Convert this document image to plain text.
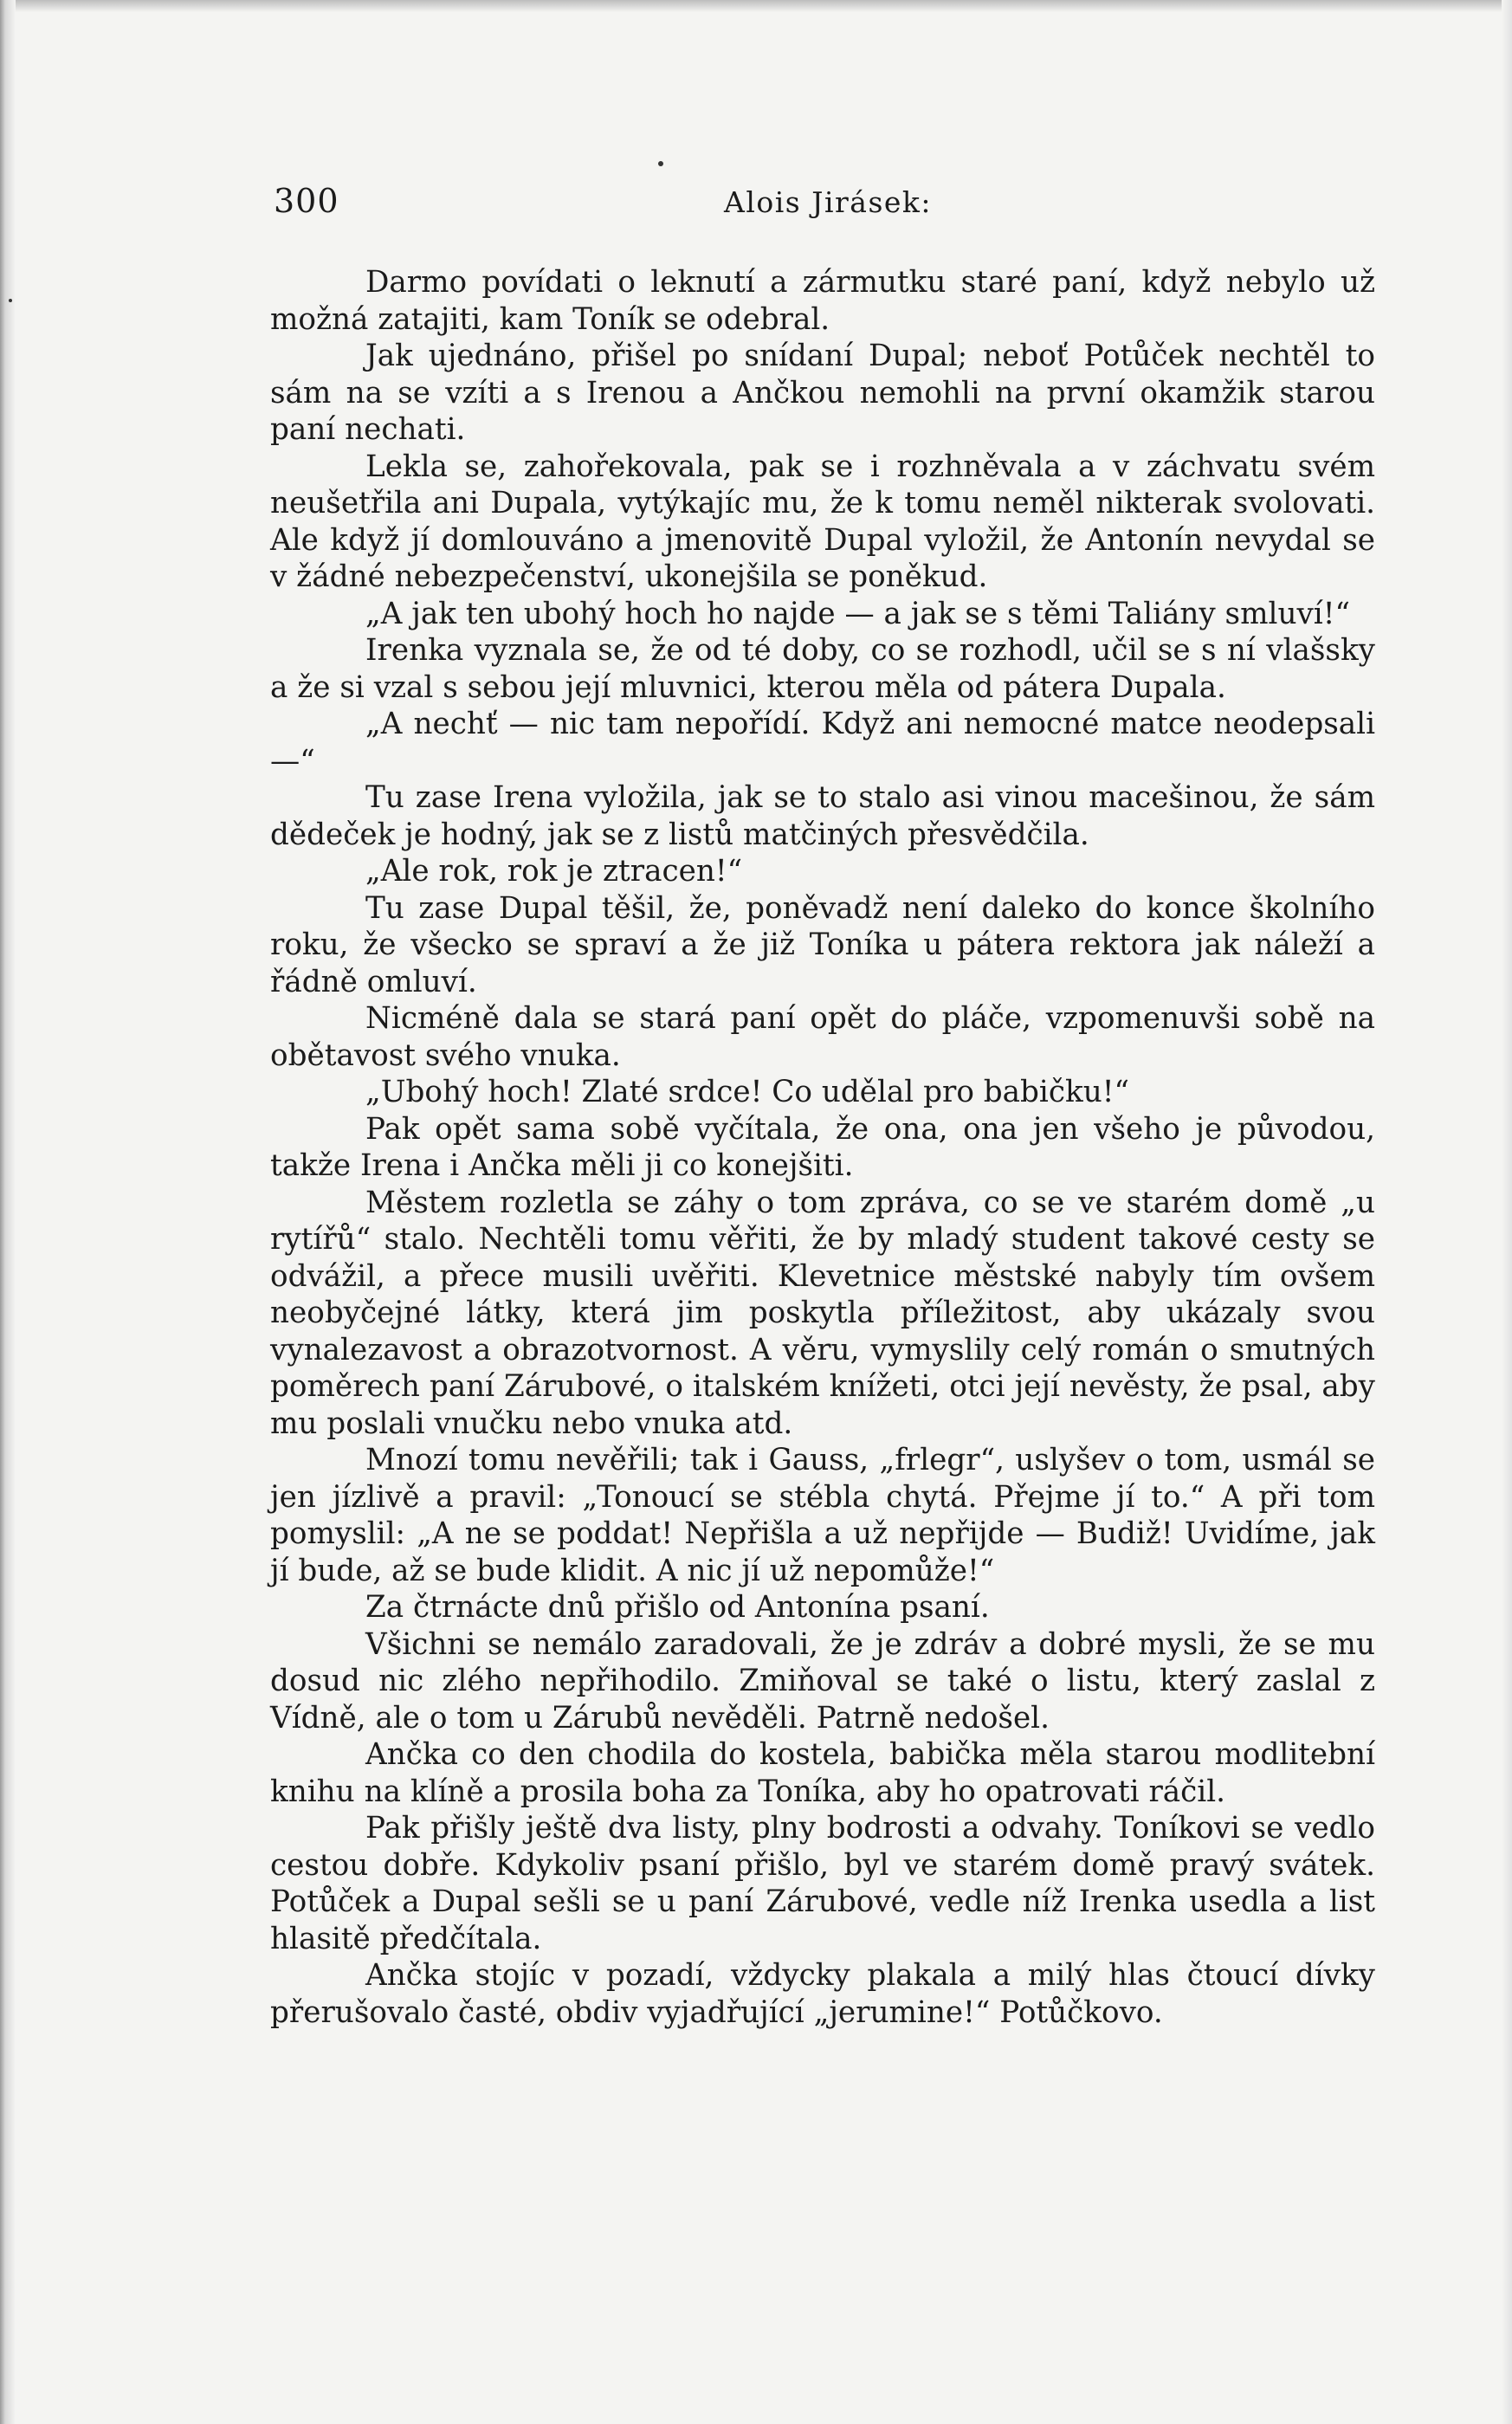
300	Alois Jirásek:

Darmo povídati o leknutí a zármutku staré paní, když nebylo už možná zatajiti, kam Toník se odebral.

Jak ujednáno, přišel po snídaní Dupal; neboť Potůček nechtěl to sám na se vzíti a s Irenou a Ančkou nemohli na první okamžik starou paní nechati.

Lekla se, zahořekovala, pak se i rozhněvala a v záchvatu svém neušetřila ani Dupala, vytýkajíc mu, že k tomu neměl nikterak svolovati. Ale když jí domlouváno a jmenovitě Dupal vyložil, že Antonín nevydal se v žádné nebezpečenství, ukonejšila se poněkud.

„A jak ten ubohý hoch ho najde — a jak se s těmi Taliány smluví!“

Irenka vyznala se, že od té doby, co se rozhodl, učil se s ní vlašsky a že si vzal s sebou její mluvnici, kterou měla od pátera Dupala.

„A nechť — nic tam nepořídí. Když ani nemocné matce neodepsali —“

Tu zase Irena vyložila, jak se to stalo asi vinou macešinou, že sám dědeček je hodný, jak se z listů matčiných přesvědčila.

„Ale rok, rok je ztracen!“

Tu zase Dupal těšil, že, poněvadž není daleko do konce školního roku, že všecko se spraví a že již Toníka u pátera rektora jak náleží a řádně omluví.

Nicméně dala se stará paní opět do pláče, vzpomenuvši sobě na obětavost svého vnuka.

„Ubohý hoch! Zlaté srdce! Co udělal pro babičku!“

Pak opět sama sobě vyčítala, že ona, ona jen všeho je původou, takže Irena i Ančka měli ji co konejšiti.

Městem rozletla se záhy o tom zpráva, co se ve starém domě „u rytířů“ stalo. Nechtěli tomu věřiti, že by mladý student takové cesty se odvážil, a přece musili uvěřiti. Klevetnice městské nabyly tím ovšem neobyčejné látky, která jim poskytla příležitost, aby ukázaly svou vynalezavost a obrazotvornost. A věru, vymyslily celý román o smutných poměrech paní Zárubové, o italském knížeti, otci její nevěsty, že psal, aby mu poslali vnučku nebo vnuka atd.

Mnozí tomu nevěřili; tak i Gauss, „frlegr“, uslyšev o tom, usmál se jen jízlivě a pravil: „Tonoucí se stébla chytá. Přejme jí to.“ A při tom pomyslil: „A ne se poddat! Nepřišla a už nepřijde — Budiž! Uvidíme, jak jí bude, až se bude klidit. A nic jí už nepomůže!“

Za čtrnácte dnů přišlo od Antonína psaní.

Všichni se nemálo zaradovali, že je zdráv a dobré mysli, že se mu dosud nic zlého nepřihodilo. Zmiňoval se také o listu, který zaslal z Vídně, ale o tom u Zárubů nevěděli. Patrně nedošel.

Ančka co den chodila do kostela, babička měla starou modlitební knihu na klíně a prosila boha za Toníka, aby ho opatrovati ráčil.

Pak přišly ještě dva listy, plny bodrosti a odvahy. Toníkovi se vedlo cestou dobře. Kdykoliv psaní přišlo, byl ve starém domě pravý svátek. Potůček a Dupal sešli se u paní Zárubové, vedle níž Irenka usedla a list hlasitě předčítala.

Ančka stojíc v pozadí, vždycky plakala a milý hlas čtoucí dívky přerušovalo časté, obdiv vyjadřující „jerumine!“ Potůčkovo.
